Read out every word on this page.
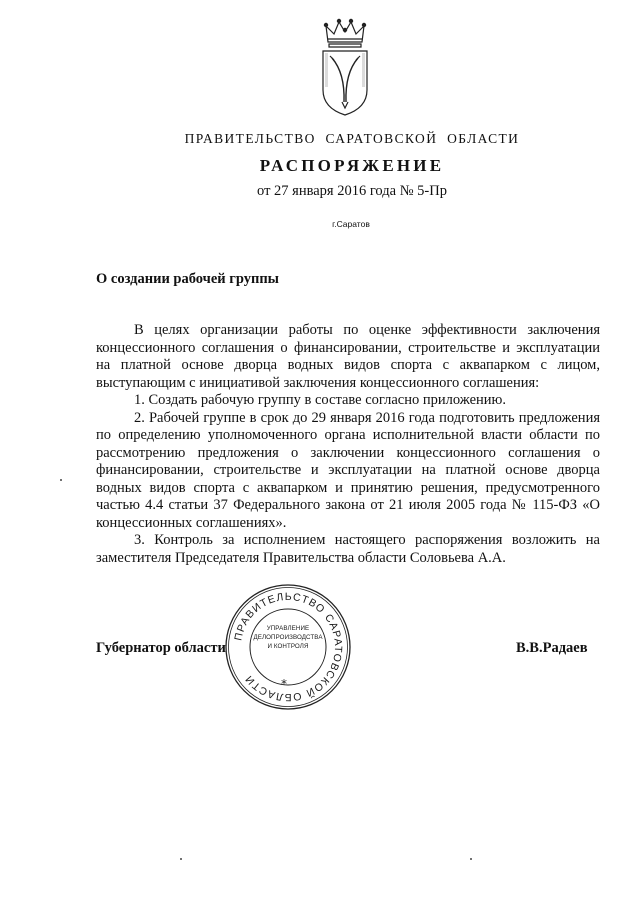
ПРАВИТЕЛЬСТВО САРАТОВСКОЙ ОБЛАСТИ
РАСПОРЯЖЕНИЕ
от 27 января 2016 года № 5-Пр
г.Саратов
О создании рабочей группы

В целях организации работы по оценке эффективности заключения концессионного соглашения о финансировании, строительстве и эксплуатации на платной основе дворца водных видов спорта с аквапарком с лицом, выступающим с инициативой заключения концессионного соглашения:

1. Создать рабочую группу в составе согласно приложению.

2. Рабочей группе в срок до 29 января 2016 года подготовить предложения по определению уполномоченного органа исполнительной власти области по рассмотрению предложения о заключении концессионного соглашения о финансировании, строительстве и эксплуатации на платной основе дворца водных видов спорта с аквапарком и принятию решения, предусмотренного частью 4.4 статьи 37 Федерального закона от 21 июля 2005 года № 115-ФЗ «О концессионных соглашениях».

3. Контроль за исполнением настоящего распоряжения возложить на заместителя Председателя Правительства области Соловьева А.А.

ПРАВИТЕЛЬСТВО САРАТОВСКОЙ ОБЛАСТИ
УПРАВЛЕНИЕ
ДЕЛОПРОИЗВОДСТВА
И КОНТРОЛЯ
*
Губернатор области	В.В.Радаев
